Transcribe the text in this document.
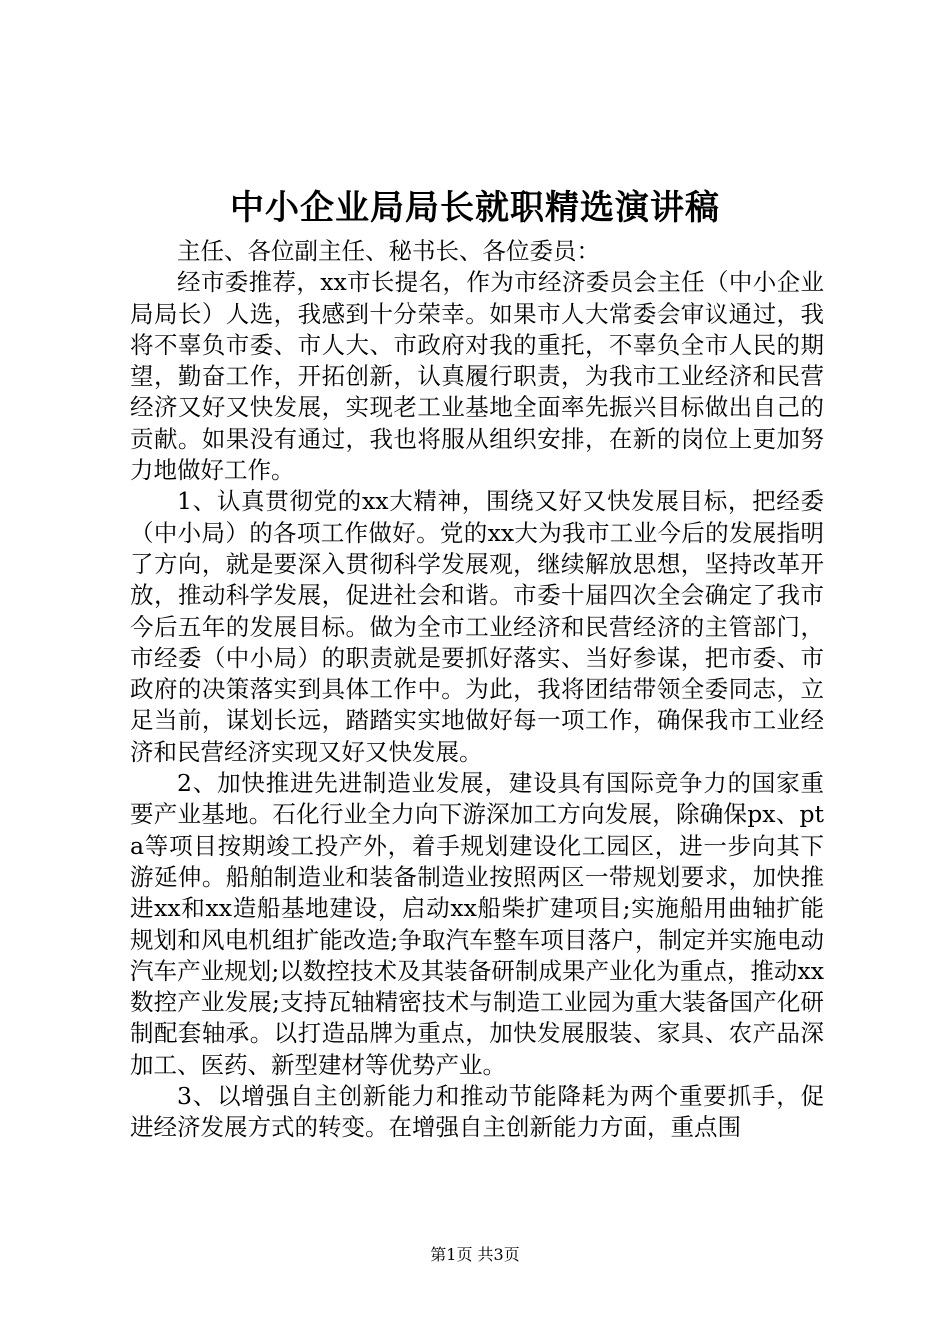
中小企业局局长就职精选演讲稿

主任、各位副主任、秘书长、各位委员：

经市委推荐，xx市长提名，作为市经济委员会主任（中小企业局局长）人选，我感到十分荣幸。如果市人大常委会审议通过，我将不辜负市委、市人大、市政府对我的重托，不辜负全市人民的期望，勤奋工作，开拓创新，认真履行职责，为我市工业经济和民营经济又好又快发展，实现老工业基地全面率先振兴目标做出自己的贡献。如果没有通过，我也将服从组织安排，在新的岗位上更加努力地做好工作。

1、认真贯彻党的xx大精神，围绕又好又快发展目标，把经委（中小局）的各项工作做好。党的xx大为我市工业今后的发展指明了方向，就是要深入贯彻科学发展观，继续解放思想，坚持改革开放，推动科学发展，促进社会和谐。市委十届四次全会确定了我市今后五年的发展目标。做为全市工业经济和民营经济的主管部门，市经委（中小局）的职责就是要抓好落实、当好参谋，把市委、市政府的决策落实到具体工作中。为此，我将团结带领全委同志，立足当前，谋划长远，踏踏实实地做好每一项工作，确保我市工业经济和民营经济实现又好又快发展。

2、加快推进先进制造业发展，建设具有国际竞争力的国家重要产业基地。石化行业全力向下游深加工方向发展，除确保px、pta等项目按期竣工投产外，着手规划建设化工园区，进一步向其下游延伸。船舶制造业和装备制造业按照两区一带规划要求，加快推进xx和xx造船基地建设，启动xx船柴扩建项目;实施船用曲轴扩能规划和风电机组扩能改造;争取汽车整车项目落户，制定并实施电动汽车产业规划;以数控技术及其装备研制成果产业化为重点，推动xx数控产业发展;支持瓦轴精密技术与制造工业园为重大装备国产化研制配套轴承。以打造品牌为重点，加快发展服装、家具、农产品深加工、医药、新型建材等优势产业。

3、以增强自主创新能力和推动节能降耗为两个重要抓手，促进经济发展方式的转变。在增强自主创新能力方面，重点围

第1页 共3页
